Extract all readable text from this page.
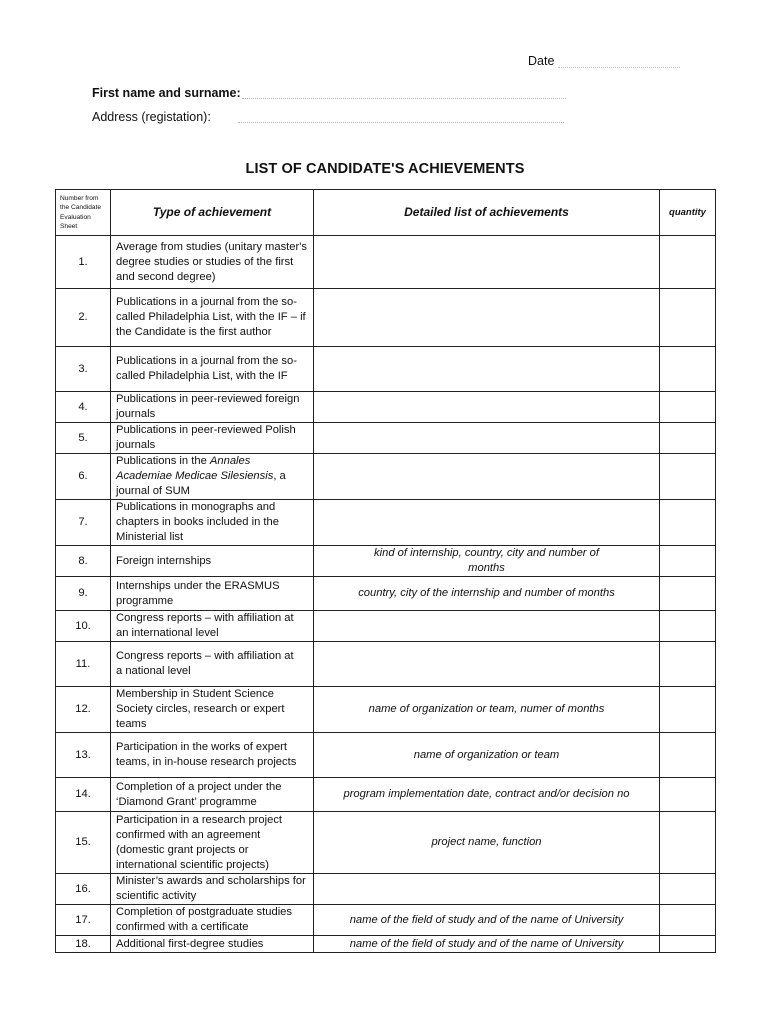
Date
First name and surname:
Address (registation):
LIST OF CANDIDATE'S ACHIEVEMENTS
Number from the Candidate Evaluation Sheet	Type of achievement	Detailed list of achievements	quantity
1.	Average from studies (unitary master's degree studies or studies of the first and second degree)		
2.	Publications in a journal from the so-called Philadelphia List, with the IF – if the Candidate is the first author		
3.	Publications in a journal from the so-called Philadelphia List, with the IF		
4.	Publications in peer-reviewed foreign journals		
5.	Publications in peer-reviewed Polish journals		
6.	Publications in the Annales Academiae Medicae Silesiensis, a journal of SUM		
7.	Publications in monographs and chapters in books included in the Ministerial list		
8.	Foreign internships	kind of internship, country, city and number of months	
9.	Internships under the ERASMUS programme	country, city of the internship and number of months	
10.	Congress reports – with affiliation at an international level		
11.	Congress reports – with affiliation at a national level		
12.	Membership in Student Science Society circles, research or expert teams	name of organization or team, numer of months	
13.	Participation in the works of expert teams, in in-house research projects	name of organization or team	
14.	Completion of a project under the ‘Diamond Grant’ programme	program implementation date, contract and/or decision no	
15.	Participation in a research project confirmed with an agreement (domestic grant projects or international scientific projects)	project name, function	
16.	Minister’s awards and scholarships for scientific activity		
17.	Completion of postgraduate studies confirmed with a certificate	name of the field of study and of the name of University	
18.	Additional first-degree studies	name of the field of study and of the name of University	
